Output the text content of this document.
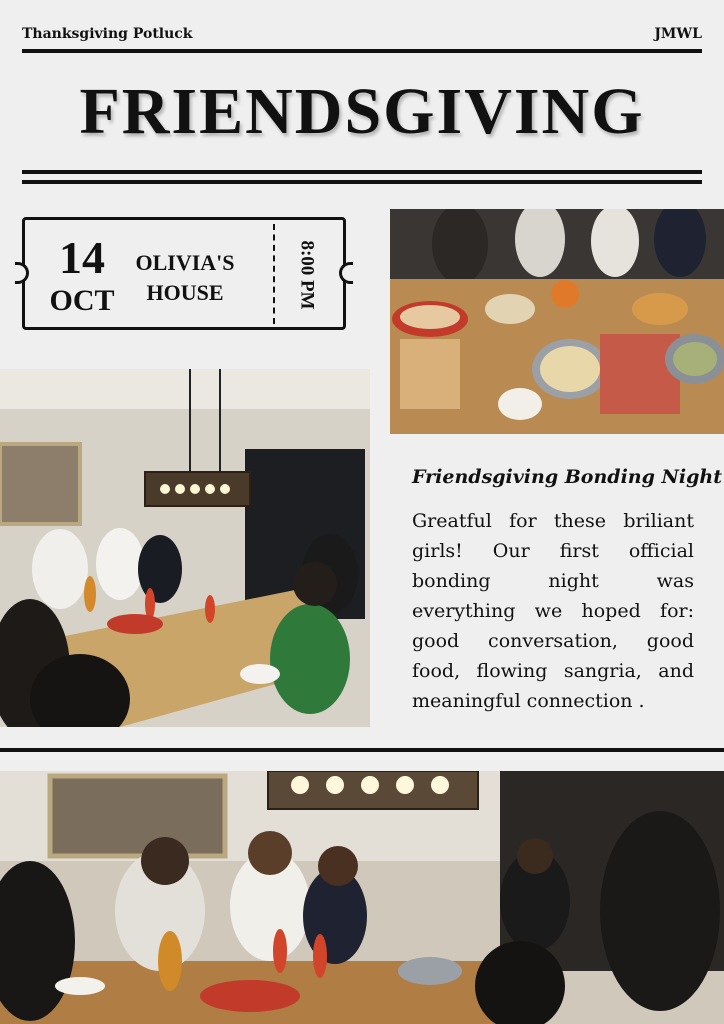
Thanksgiving Potluck	JMWL
FRIENDSGIVING
14
OCT
OLIVIA'S
HOUSE	8:00 PM
Friendsgiving Bonding Night
Greatful for these briliant girls! Our first official bonding night was everything we hoped for: good conversation, good food, flowing sangria, and meaningful connection .
